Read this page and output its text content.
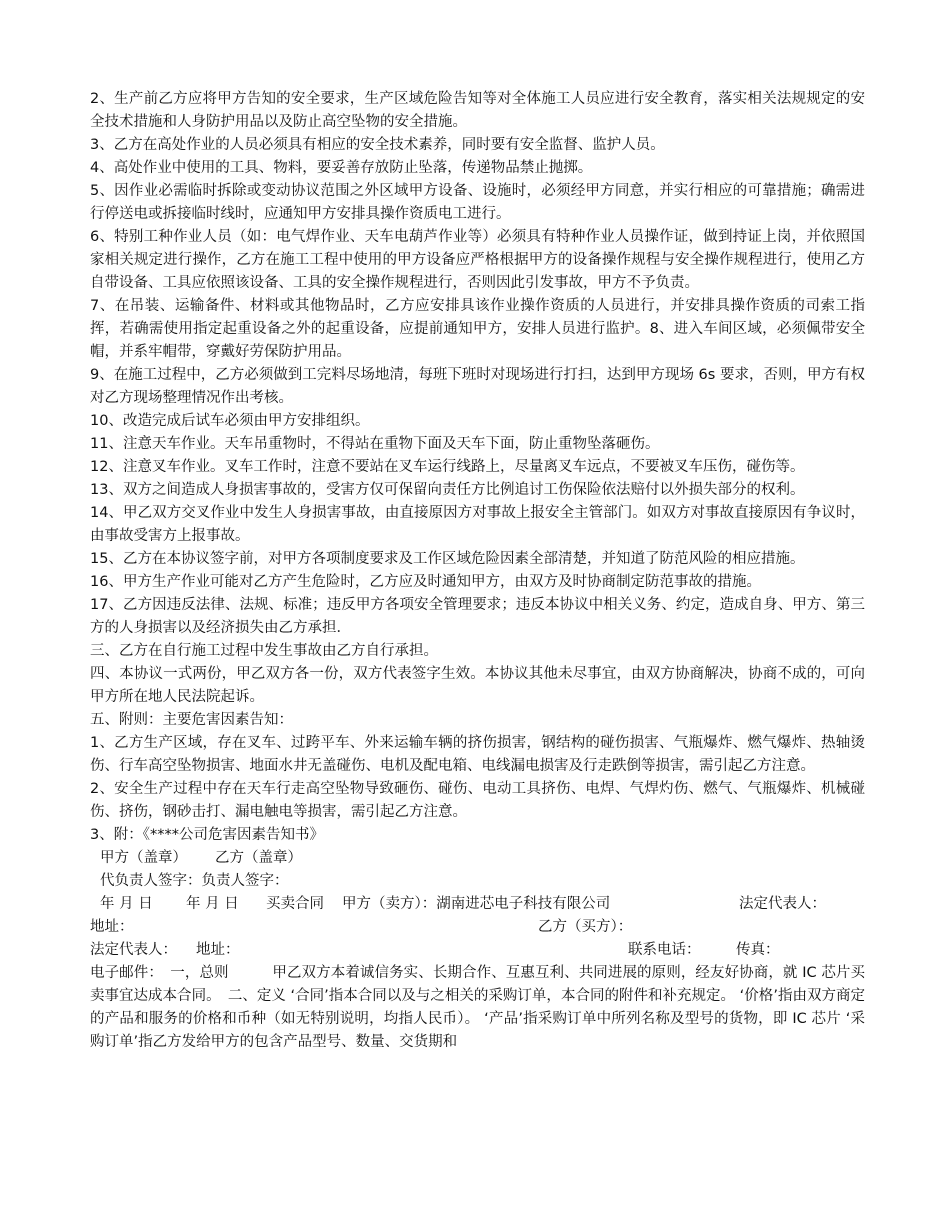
2、生产前乙方应将甲方告知的安全要求，生产区域危险告知等对全体施工人员应进行安全教育，落实相关法规规定的安全技术措施和人身防护用品以及防止高空坠物的安全措施。

3、乙方在高处作业的人员必须具有相应的安全技术素养，同时要有安全监督、监护人员。

4、高处作业中使用的工具、物料，要妥善存放防止坠落，传递物品禁止抛掷。

5、因作业必需临时拆除或变动协议范围之外区域甲方设备、设施时，必须经甲方同意，并实行相应的可靠措施；确需进行停送电或拆接临时线时，应通知甲方安排具操作资质电工进行。

6、特别工种作业人员（如：电气焊作业、天车电葫芦作业等）必须具有特种作业人员操作证，做到持证上岗，并依照国家相关规定进行操作，乙方在施工工程中使用的甲方设备应严格根据甲方的设备操作规程与安全操作规程进行，使用乙方自带设备、工具应依照该设备、工具的安全操作规程进行，否则因此引发事故，甲方不予负责。

7、在吊装、运输备件、材料或其他物品时，乙方应安排具该作业操作资质的人员进行，并安排具操作资质的司索工指挥，若确需使用指定起重设备之外的起重设备，应提前通知甲方，安排人员进行监护。8、进入车间区域，必须佩带安全帽，并系牢帽带，穿戴好劳保防护用品。

9、在施工过程中，乙方必须做到工完料尽场地清，每班下班时对现场进行打扫，达到甲方现场 6s 要求，否则，甲方有权对乙方现场整理情况作出考核。

10、改造完成后试车必须由甲方安排组织。

11、注意天车作业。天车吊重物时，不得站在重物下面及天车下面，防止重物坠落砸伤。

12、注意叉车作业。叉车工作时，注意不要站在叉车运行线路上，尽量离叉车远点，不要被叉车压伤，碰伤等。

13、双方之间造成人身损害事故的，受害方仅可保留向责任方比例追讨工伤保险依法赔付以外损失部分的权利。

14、甲乙双方交叉作业中发生人身损害事故，由直接原因方对事故上报安全主管部门。如双方对事故直接原因有争议时，由事故受害方上报事故。

15、乙方在本协议签字前，对甲方各项制度要求及工作区域危险因素全部清楚，并知道了防范风险的相应措施。

16、甲方生产作业可能对乙方产生危险时，乙方应及时通知甲方，由双方及时协商制定防范事故的措施。

17、乙方因违反法律、法规、标准；违反甲方各项安全管理要求；违反本协议中相关义务、约定，造成自身、甲方、第三方的人身损害以及经济损失由乙方承担．

三、乙方在自行施工过程中发生事故由乙方自行承担。

四、本协议一式两份，甲乙双方各一份，双方代表签字生效。本协议其他未尽事宜，由双方协商解决，协商不成的，可向甲方所在地人民法院起诉。

五、附则：主要危害因素告知：

1、乙方生产区域，存在叉车、过跨平车、外来运输车辆的挤伤损害，钢结构的碰伤损害、气瓶爆炸、燃气爆炸、热轴烫伤、行车高空坠物损害、地面水井无盖碰伤、电机及配电箱、电线漏电损害及行走跌倒等损害，需引起乙方注意。

2、安全生产过程中存在天车行走高空坠物导致砸伤、碰伤、电动工具挤伤、电焊、气焊灼伤、燃气、气瓶爆炸、机械碰伤、挤伤，钢砂击打、漏电触电等损害，需引起乙方注意。

3、附：《****公司危害因素告知书》

甲方（盖章）	乙方（盖章）
代负责人签字：负责人签字：
年 月 日	年 月 日	买卖合同	甲方（卖方）：湖南进芯电子科技有限公司	法定代表人：
地址：	乙方（买方）：
法定代表人：	地址：	联系电话：	传真：

电子邮件：　一，总则　　　甲乙双方本着诚信务实、长期合作、互惠互利、共同进展的原则，经友好协商，就 IC 芯片买卖事宜达成本合同。　二、定义 ‘合同’指本合同以及与之相关的采购订单，本合同的附件和补充规定。 ‘价格’指由双方商定的产品和服务的价格和币种（如无特别说明，均指人民币）。 ‘产品’指采购订单中所列名称及型号的货物，即 IC 芯片 ‘采购订单’指乙方发给甲方的包含产品型号、数量、交货期和
